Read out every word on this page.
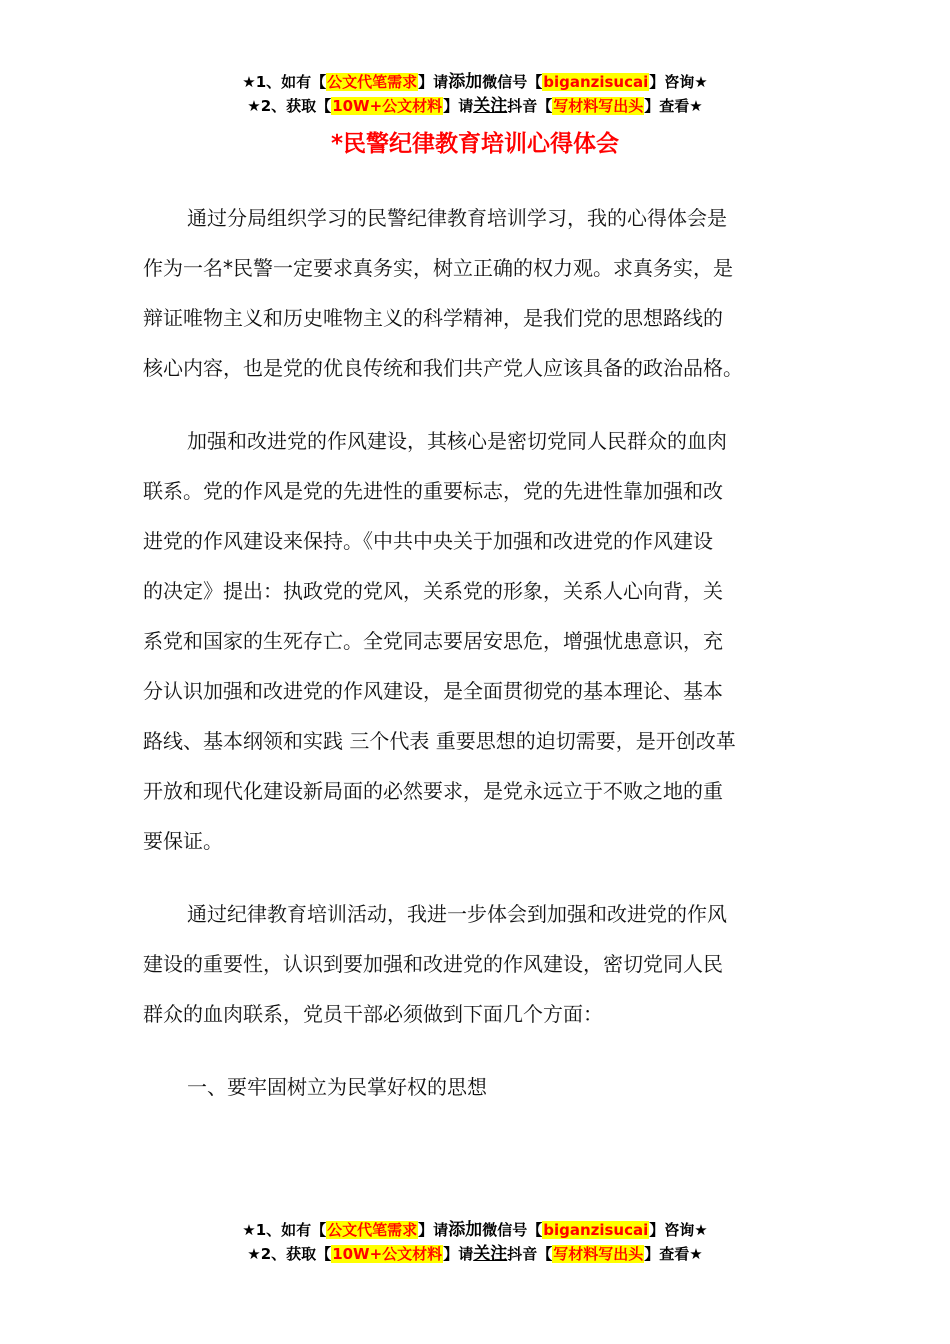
★1、如有【公文代笔需求】请添加微信号【biganzisucai】咨询★
★2、获取【10W+公文材料】请关注抖音【写材料写出头】查看★
*民警纪律教育培训心得体会
通过分局组织学习的民警纪律教育培训学习，我的心得体会是
作为一名*民警一定要求真务实，树立正确的权力观。求真务实，是
辩证唯物主义和历史唯物主义的科学精神，是我们党的思想路线的
核心内容，也是党的优良传统和我们共产党人应该具备的政治品格。
加强和改进党的作风建设，其核心是密切党同人民群众的血肉
联系。党的作风是党的先进性的重要标志，党的先进性靠加强和改
进党的作风建设来保持。《中共中央关于加强和改进党的作风建设
的决定》提出：执政党的党风，关系党的形象，关系人心向背，关
系党和国家的生死存亡。全党同志要居安思危，增强忧患意识，充
分认识加强和改进党的作风建设，是全面贯彻党的基本理论、基本
路线、基本纲领和实践 三个代表 重要思想的迫切需要，是开创改革
开放和现代化建设新局面的必然要求，是党永远立于不败之地的重
要保证。
通过纪律教育培训活动，我进一步体会到加强和改进党的作风
建设的重要性，认识到要加强和改进党的作风建设，密切党同人民
群众的血肉联系，党员干部必须做到下面几个方面：
一、要牢固树立为民掌好权的思想
★1、如有【公文代笔需求】请添加微信号【biganzisucai】咨询★
★2、获取【10W+公文材料】请关注抖音【写材料写出头】查看★
